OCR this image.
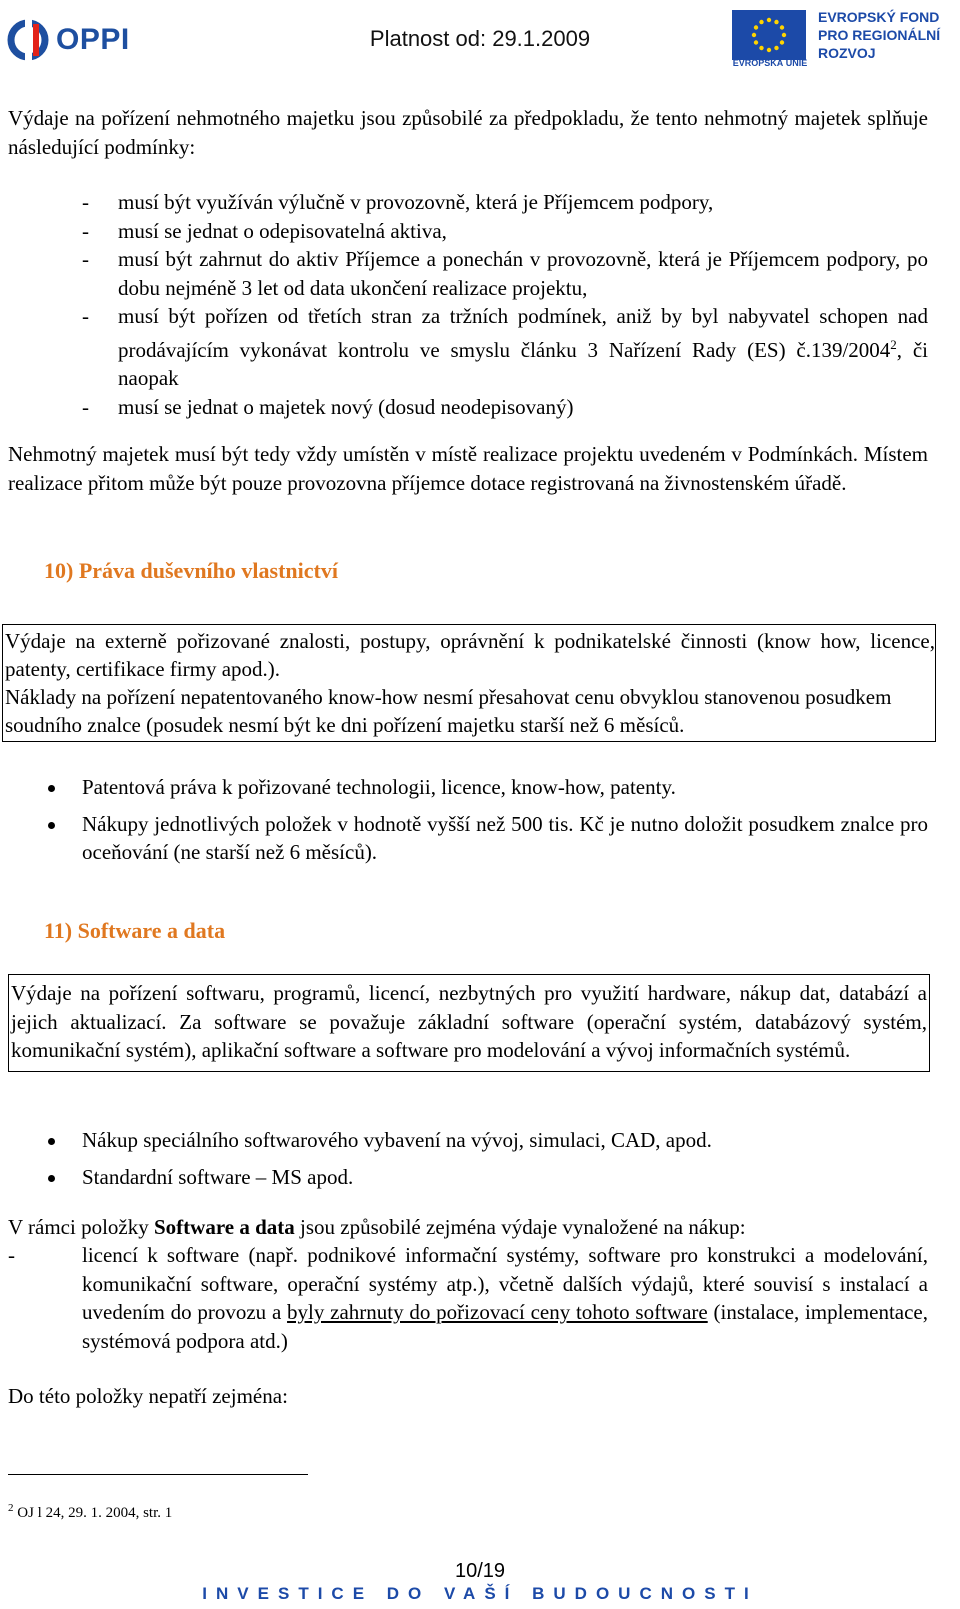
OPPI	Platnost od: 29.1.2009
EVROPSKÁ UNIE
EVROPSKÝ FOND
PRO REGIONÁLNÍ
ROZVOJ
Výdaje na pořízení nehmotného majetku jsou způsobilé za předpokladu, že tento nehmotný majetek splňuje následující podmínky:
- musí být využíván výlučně v provozovně, která je Příjemcem podpory,
- musí se jednat o odepisovatelná aktiva,
- musí být zahrnut do aktiv Příjemce a ponechán v provozovně, která je Příjemcem podpory, po dobu nejméně 3 let od data ukončení realizace projektu,
- musí být pořízen od třetích stran za tržních podmínek, aniž by byl nabyvatel schopen nad prodávajícím vykonávat kontrolu ve smyslu článku 3 Nařízení Rady (ES) č.139/2004$^2$, či naopak
- musí se jednat o majetek nový (dosud neodepisovaný)
Nehmotný majetek musí být tedy vždy umístěn v místě realizace projektu uvedeném v Podmínkách. Místem realizace přitom může být pouze provozovna příjemce dotace registrovaná na živnostenském úřadě.
10) Práva duševního vlastnictví
Výdaje na externě pořizované znalosti, postupy, oprávnění k podnikatelské činnosti (know how, licence, patenty, certifikace firmy apod.).
Náklady na pořízení nepatentovaného know-how nesmí přesahovat cenu obvyklou stanovenou posudkem soudního znalce (posudek nesmí být ke dni pořízení majetku starší než 6 měsíců.
Patentová práva k pořizované technologii, licence, know-how, patenty.
Nákupy jednotlivých položek v hodnotě vyšší než 500 tis. Kč je nutno doložit posudkem znalce pro oceňování (ne starší než 6 měsíců).
11) Software a data
Výdaje na pořízení softwaru, programů, licencí, nezbytných pro využití hardware, nákup dat, databází a jejich aktualizací. Za software se považuje základní software (operační systém, databázový systém, komunikační systém), aplikační software a software pro modelování a vývoj informačních systémů.
Nákup speciálního softwarového vybavení na vývoj, simulaci, CAD, apod.
Standardní software – MS apod.
V rámci položky Software a data jsou způsobilé zejména výdaje vynaložené na nákup:
-	licencí k software (např. podnikové informační systémy, software pro konstrukci a modelování, komunikační software, operační systémy atp.), včetně dalších výdajů, které souvisí s instalací a uvedením do provozu a byly zahrnuty do pořizovací ceny tohoto software (instalace, implementace, systémová podpora atd.)
Do této položky nepatří zejména:
$^2$ OJ l 24, 29. 1. 2004, str. 1
10/19
INVESTICE DO VAŠÍ BUDOUCNOSTI
